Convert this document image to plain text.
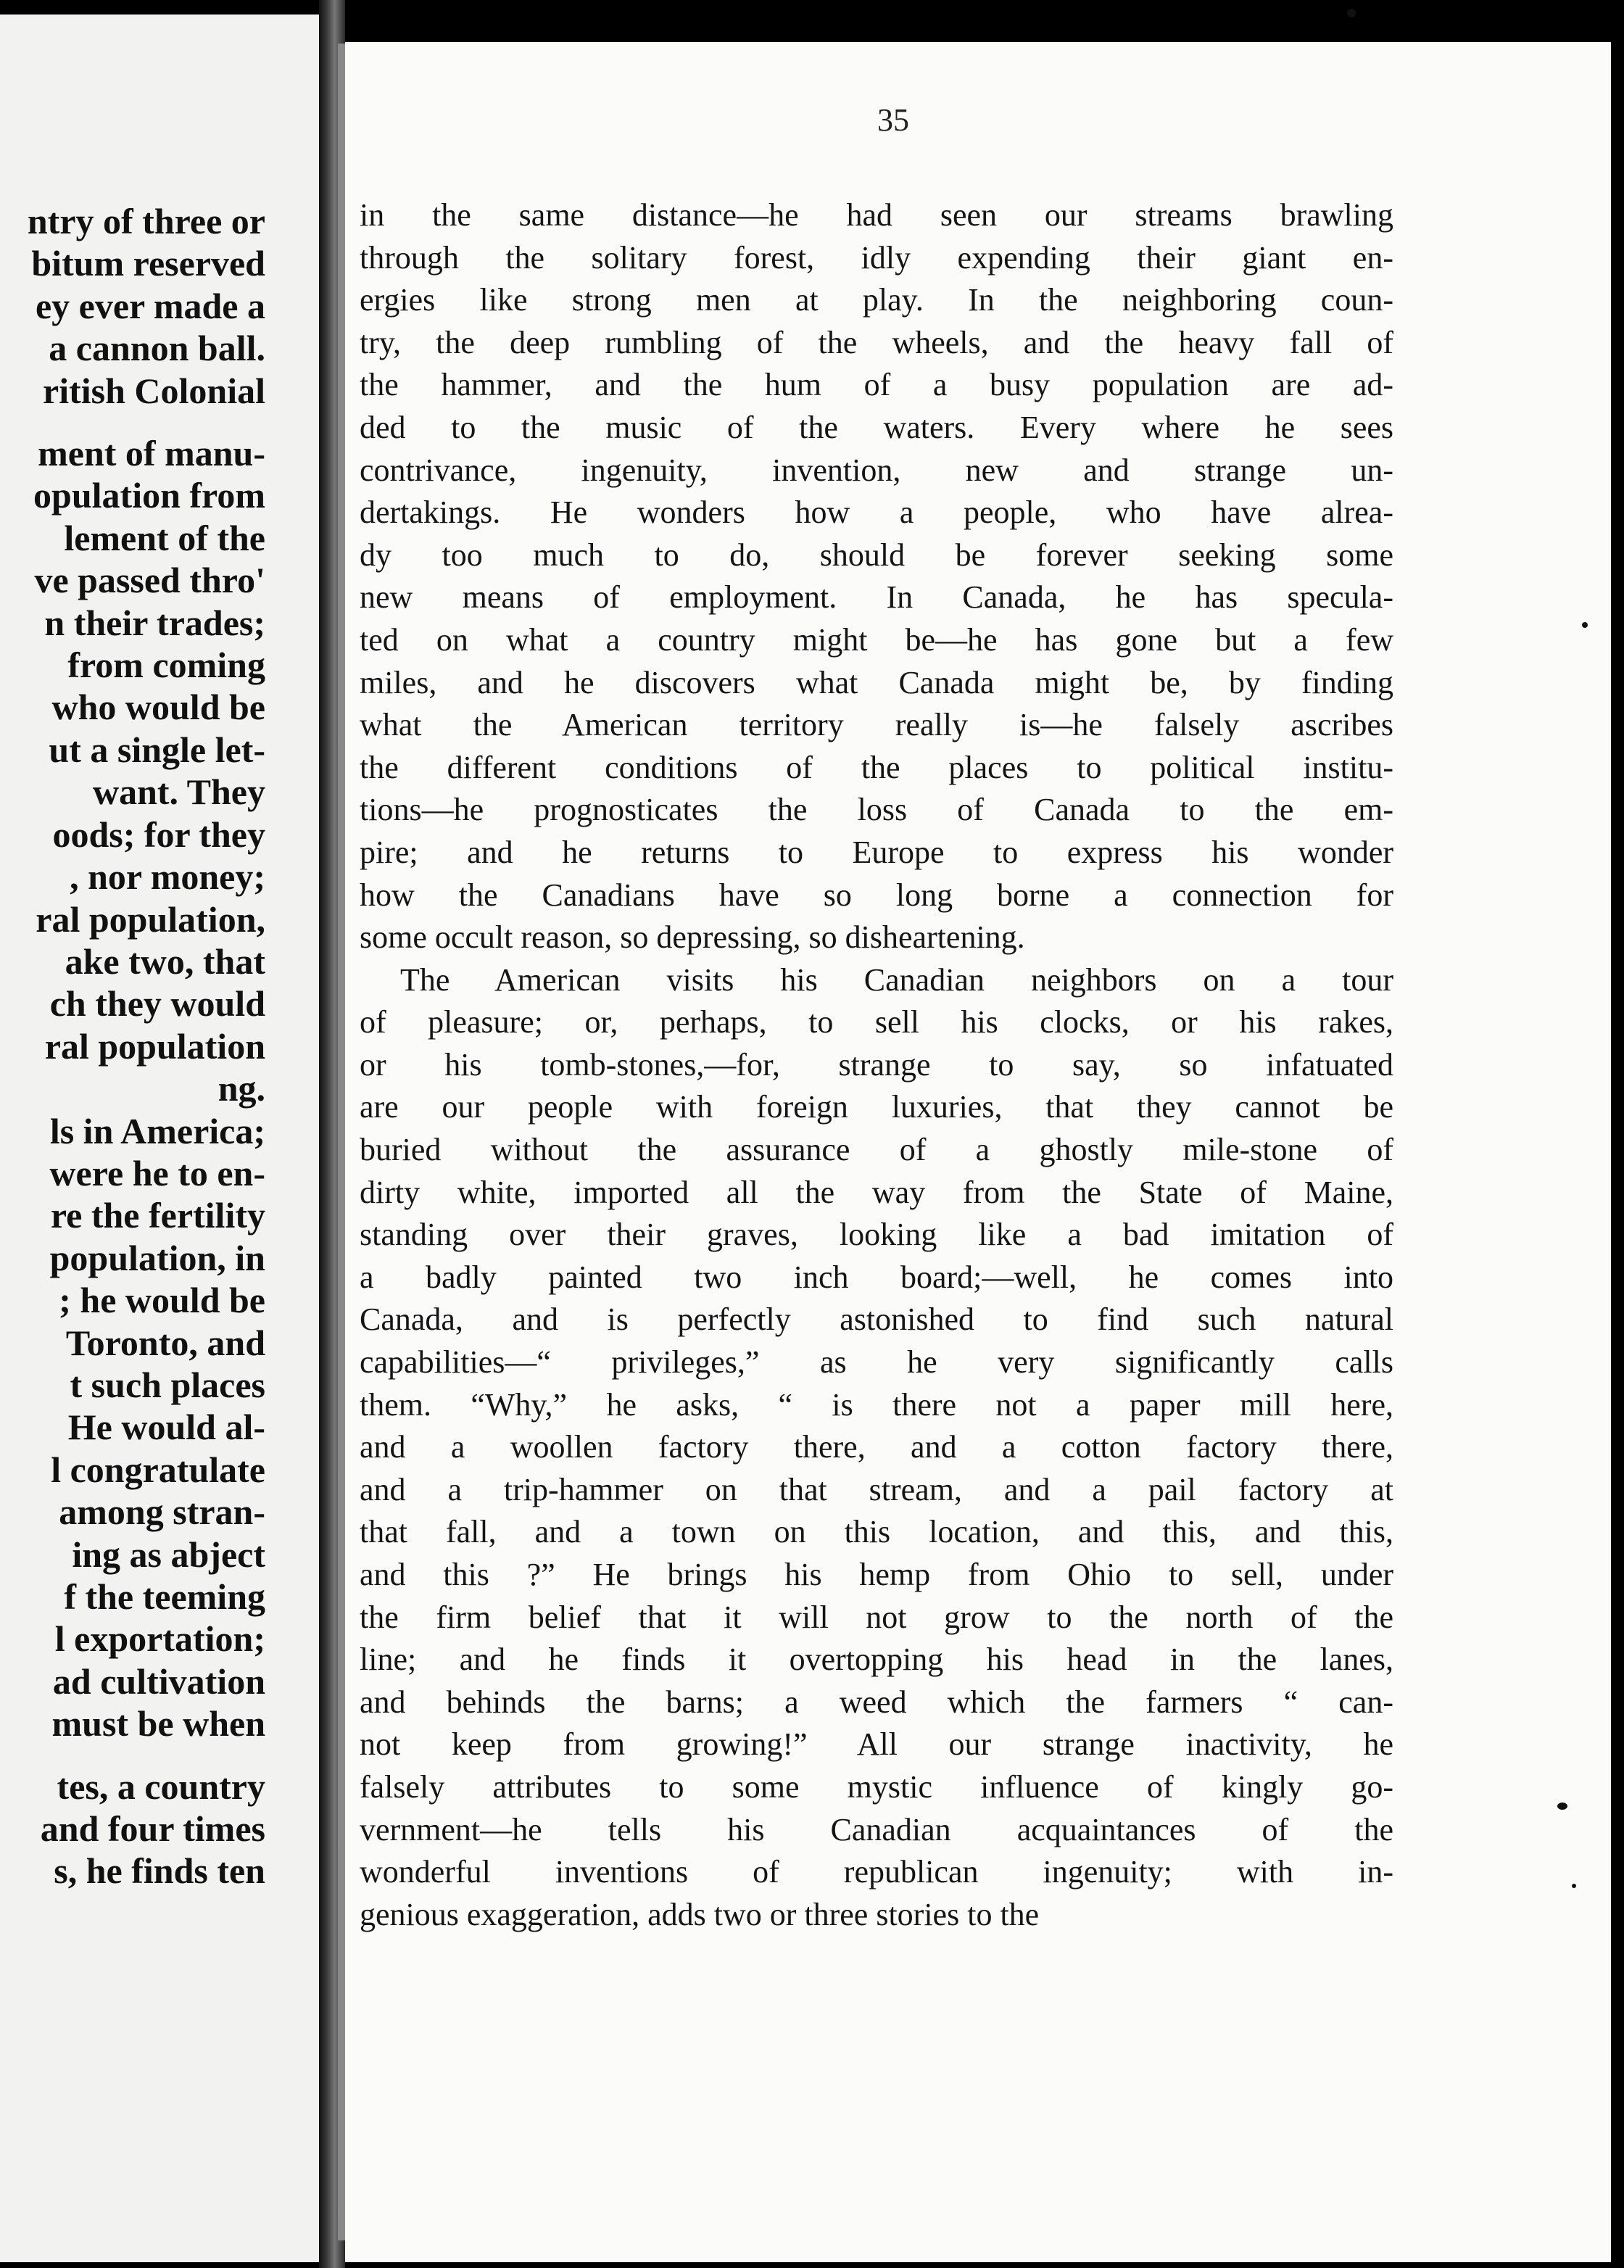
ntry of three or
bitum reserved
ey ever made a
a cannon ball.
ritish Colonial
ment of manu-
opulation from
lement of the
ve passed thro'
n their trades;
from coming
who would be
ut a single let-
want. They
oods; for they
, nor money;
ral population,
ake two, that
ch they would
ral population
ng.
ls in America;
were he to en-
re the fertility
population, in
; he would be
Toronto, and
t such places
He would al-
l congratulate
among stran-
ing as abject
f the teeming
l exportation;
ad cultivation
must be when
tes, a country
and four times
s, he finds ten
35
in the same distance—he had seen our streams brawling
through the solitary forest, idly expending their giant en-
ergies like strong men at play. In the neighboring coun-
try, the deep rumbling of the wheels, and the heavy fall of
the hammer, and the hum of a busy population are ad-
ded to the music of the waters. Every where he sees
contrivance, ingenuity, invention, new and strange un-
dertakings. He wonders how a people, who have alrea-
dy too much to do, should be forever seeking some
new means of employment. In Canada, he has specula-
ted on what a country might be—he has gone but a few
miles, and he discovers what Canada might be, by finding
what the American territory really is—he falsely ascribes
the different conditions of the places to political institu-
tions—he prognosticates the loss of Canada to the em-
pire; and he returns to Europe to express his wonder
how the Canadians have so long borne a connection for
some occult reason, so depressing, so disheartening.
The American visits his Canadian neighbors on a tour
of pleasure; or, perhaps, to sell his clocks, or his rakes,
or his tomb-stones,—for, strange to say, so infatuated
are our people with foreign luxuries, that they cannot be
buried without the assurance of a ghostly mile-stone of
dirty white, imported all the way from the State of Maine,
standing over their graves, looking like a bad imitation of
a badly painted two inch board;—well, he comes into
Canada, and is perfectly astonished to find such natural
capabilities—“ privileges,” as he very significantly calls
them. “Why,” he asks, “ is there not a paper mill here,
and a woollen factory there, and a cotton factory there,
and a trip-hammer on that stream, and a pail factory at
that fall, and a town on this location, and this, and this,
and this ?” He brings his hemp from Ohio to sell, under
the firm belief that it will not grow to the north of the
line; and he finds it overtopping his head in the lanes,
and behinds the barns; a weed which the farmers “ can-
not keep from growing!” All our strange inactivity, he
falsely attributes to some mystic influence of kingly go-
vernment—he tells his Canadian acquaintances of the
wonderful inventions of republican ingenuity; with in-
genious exaggeration, adds two or three stories to the
